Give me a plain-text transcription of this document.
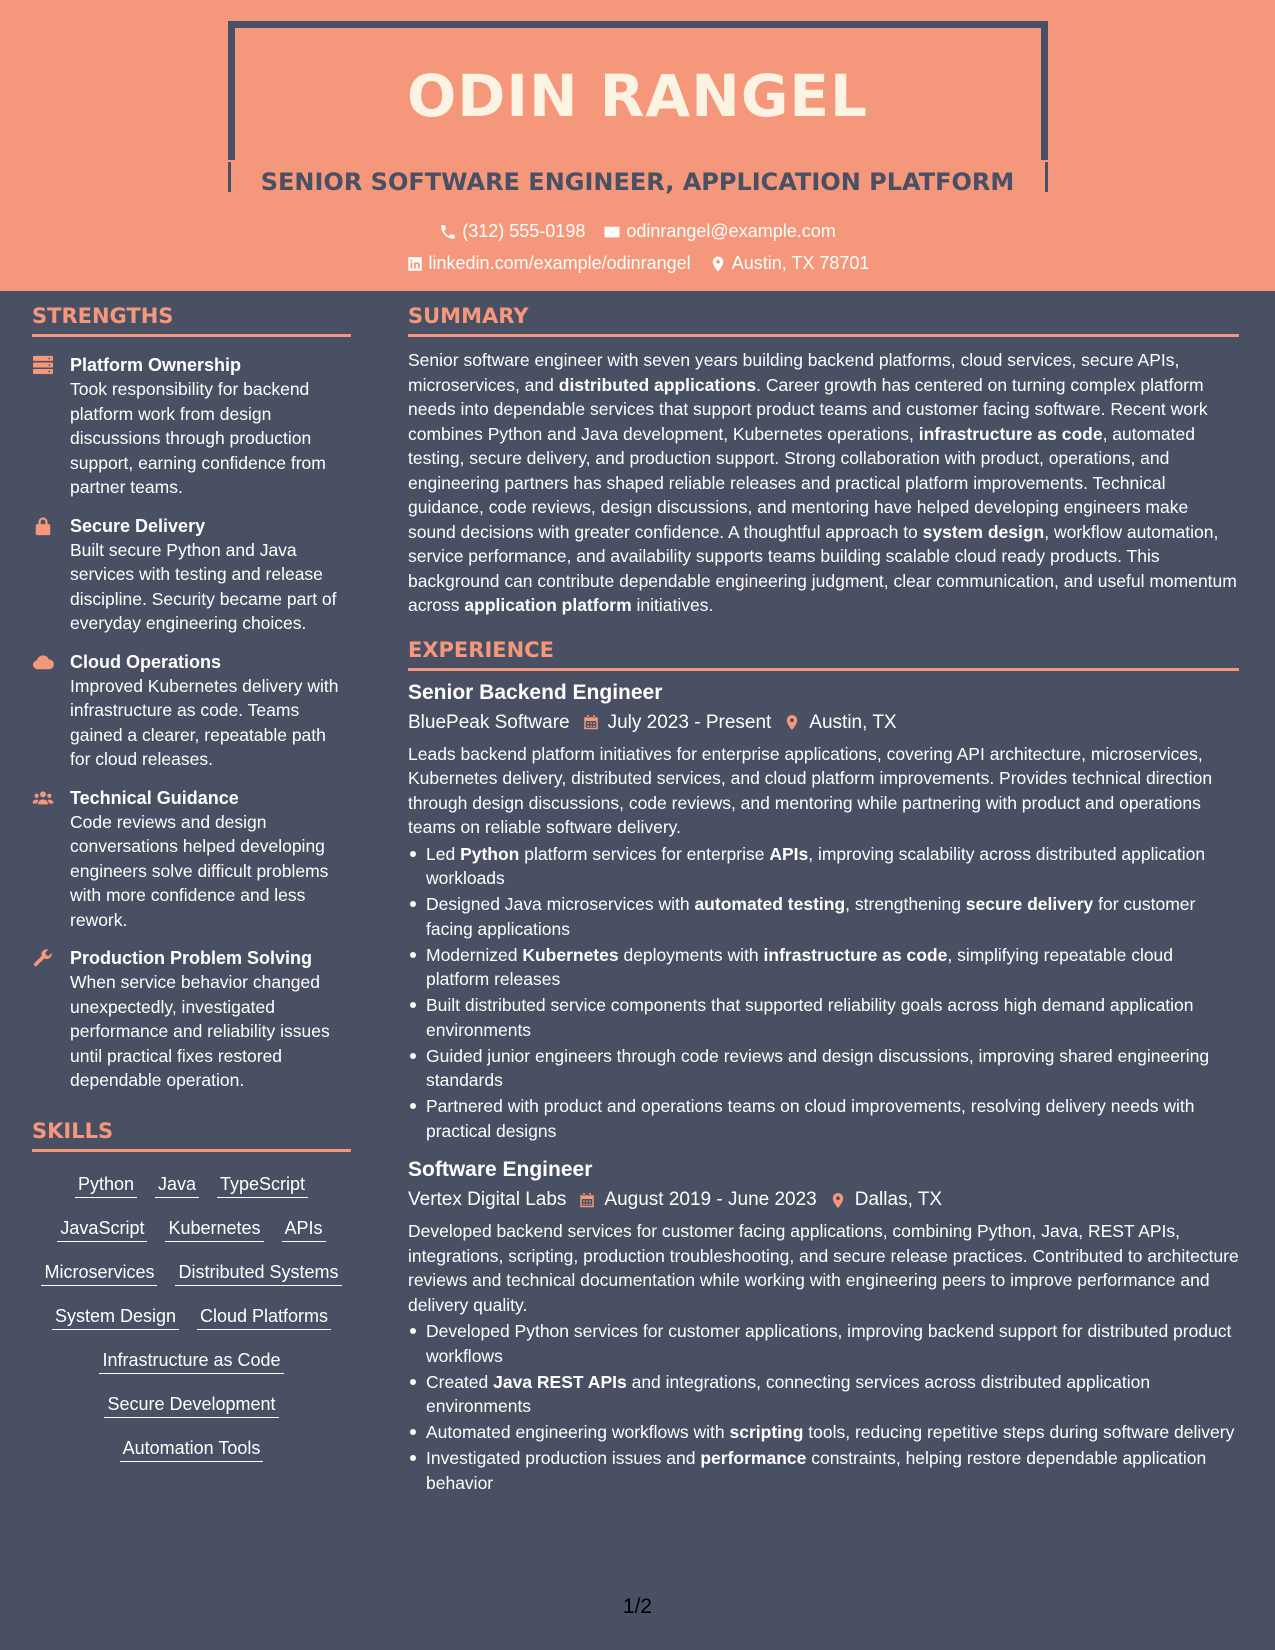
ODIN RANGEL
SENIOR SOFTWARE ENGINEER, APPLICATION PLATFORM
(312) 555-0198 odinrangel@example.com
linkedin.com/example/odinrangel Austin, TX 78701
STRENGTHS
Platform Ownership
Took responsibility for backend platform work from design discussions through production support, earning confidence from partner teams.
Secure Delivery
Built secure Python and Java services with testing and release discipline. Security became part of everyday engineering choices.
Cloud Operations
Improved Kubernetes delivery with infrastructure as code. Teams gained a clearer, repeatable path for cloud releases.
Technical Guidance
Code reviews and design conversations helped developing engineers solve difficult problems with more confidence and less rework.
Production Problem Solving
When service behavior changed unexpectedly, investigated performance and reliability issues until practical fixes restored dependable operation.
SKILLS
Python Java TypeScript
JavaScript Kubernetes APIs
Microservices Distributed Systems
System Design Cloud Platforms
Infrastructure as Code
Secure Development
Automation Tools
SUMMARY
Senior software engineer with seven years building backend platforms, cloud services, secure APIs, microservices, and distributed applications. Career growth has centered on turning complex platform needs into dependable services that support product teams and customer facing software. Recent work combines Python and Java development, Kubernetes operations, infrastructure as code, automated testing, secure delivery, and production support. Strong collaboration with product, operations, and engineering partners has shaped reliable releases and practical platform improvements. Technical guidance, code reviews, design discussions, and mentoring have helped developing engineers make sound decisions with greater confidence. A thoughtful approach to system design, workflow automation, service performance, and availability supports teams building scalable cloud ready products. This background can contribute dependable engineering judgment, clear communication, and useful momentum across application platform initiatives.
EXPERIENCE
Senior Backend Engineer
BluePeak Software July 2023 - Present Austin, TX
Leads backend platform initiatives for enterprise applications, covering API architecture, microservices, Kubernetes delivery, distributed services, and cloud platform improvements. Provides technical direction through design discussions, code reviews, and mentoring while partnering with product and operations teams on reliable software delivery.
Led Python platform services for enterprise APIs, improving scalability across distributed application workloads
Designed Java microservices with automated testing, strengthening secure delivery for customer facing applications
Modernized Kubernetes deployments with infrastructure as code, simplifying repeatable cloud platform releases
Built distributed service components that supported reliability goals across high demand application environments
Guided junior engineers through code reviews and design discussions, improving shared engineering standards
Partnered with product and operations teams on cloud improvements, resolving delivery needs with practical designs
Software Engineer
Vertex Digital Labs August 2019 - June 2023 Dallas, TX
Developed backend services for customer facing applications, combining Python, Java, REST APIs, integrations, scripting, production troubleshooting, and secure release practices. Contributed to architecture reviews and technical documentation while working with engineering peers to improve performance and delivery quality.
Developed Python services for customer applications, improving backend support for distributed product workflows
Created Java REST APIs and integrations, connecting services across distributed application environments
Automated engineering workflows with scripting tools, reducing repetitive steps during software delivery
Investigated production issues and performance constraints, helping restore dependable application behavior
1/2
